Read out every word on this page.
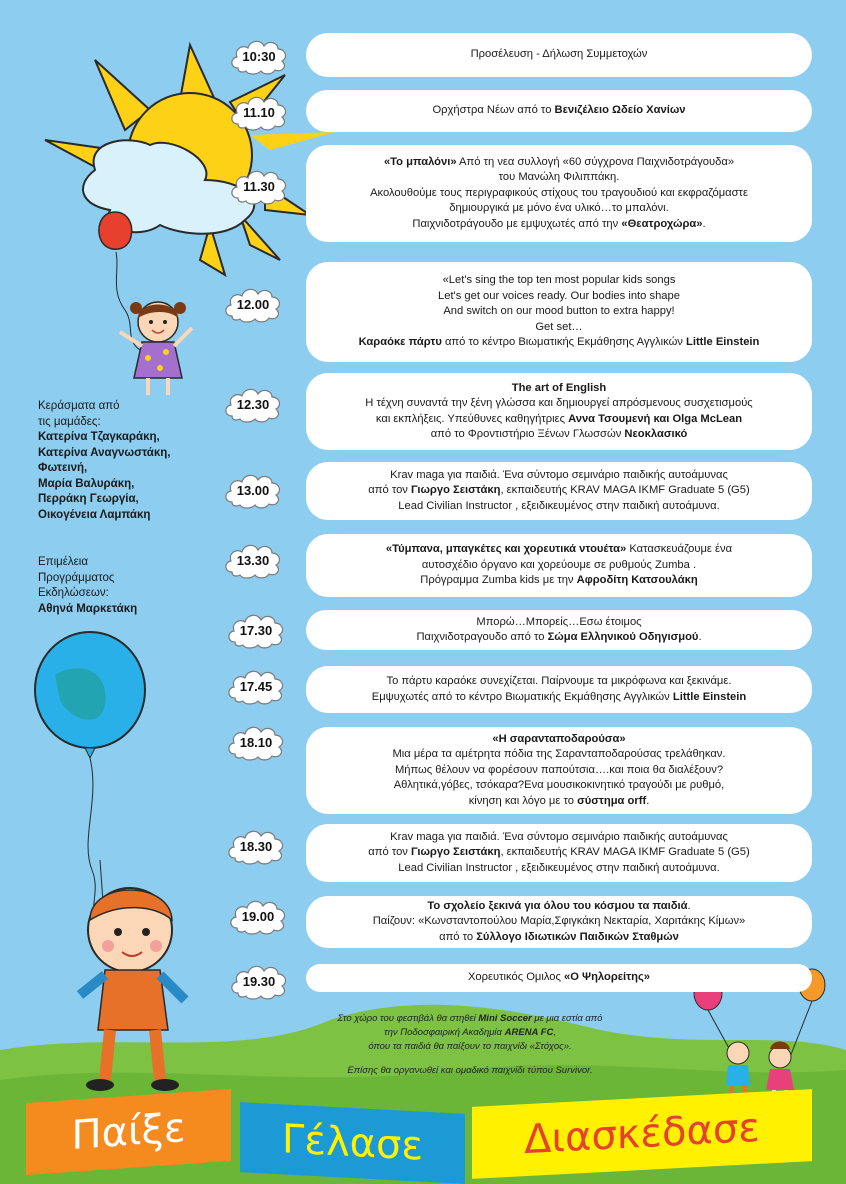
Προσέλευση - Δήλωση Συμμετοχών

10:30

Ορχήστρα Νέων από το Βενιζέλειο Ωδείο Χανίων

11.10

«Το μπαλόνι» Από τη νεα συλλογή «60 σύγχρονα Παιχνιδοτράγουδα»

του Μανώλη Φιλιππάκη.

Ακολουθούμε τους περιγραφικούς στίχους του τραγουδιού και εκφραζόμαστε

δημιουργικά με μόνο ένα υλικό…το μπαλόνι.

Παιχνιδοτράγουδο με εμψυχωτές από την «Θεατροχώρα».

11.30

«Let's sing the top ten most popular kids songs

Let's get our voices ready. Our bodies into shape

And switch on our mood button to extra happy!

Get set…

Καραόκε πάρτυ από το κέντρο Βιωματικής Εκμάθησης Αγγλικών Little Einstein

12.00

The art of English

Η τέχνη συναντά την ξένη γλώσσα και δημιουργεί απρόσμενους συσχετισμούς

και εκπλήξεις. Υπεύθυνες καθηγήτριες Αννα Τσουμενή και Olga McLean

από το Φροντιστήριο Ξένων Γλωσσών Νεοκλασικό

12.30

Krav maga για παιδιά. Ένα σύντομο σεμινάριο παιδικής αυτοάμυνας

από τον Γιωργο Σειστάκη, εκπαιδευτής KRAV MAGA IKMF Graduate 5 (G5)

Lead Civilian Instructor , εξειδικευμένος στην παιδική αυτοάμυνα.

13.00

«Τύμπανα, μπαγκέτες και χορευτικά ντουέτα» Κατασκευάζουμε ένα

αυτοσχέδιο όργανο και χορεύουμε σε ρυθμούς Zumba .

Πρόγραμμα Zumba kids με την Αφροδίτη Κατσουλάκη

13.30

Μπορώ…Μπορείς…Εσω έτοιμος

Παιχνιδοτραγουδο από το Σώμα Ελληνικού Οδηγισμού.

17.30

Το πάρτυ καραόκε συνεχίζεται. Παίρνουμε τα μικρόφωνα και ξεκινάμε.

Εμψυχωτές από το κέντρο Βιωματικής Εκμάθησης Αγγλικών Little Einstein

17.45

«Η σαρανταποδαρούσα»

Μια μέρα τα αμέτρητα πόδια της Σαρανταποδαρούσας τρελάθηκαν.

Μήπως θέλουν να φορέσουν παπούτσια….και ποια θα διαλέξουν?

Αθλητικά,γόβες, τσόκαρα?Ενα μουσικοκινητικό τραγούδι με ρυθμό,

κίνηση και λόγο με το σύστημα orff.

18.10

Krav maga για παιδιά. Ένα σύντομο σεμινάριο παιδικής αυτοάμυνας

από τον Γιωργο Σειστάκη, εκπαιδευτής KRAV MAGA IKMF Graduate 5 (G5)

Lead Civilian Instructor , εξειδικευμένος στην παιδική αυτοάμυνα.

18.30

Το σχολείο ξεκινά για όλου του κόσμου τα παιδιά.

Παίζουν: «Κωνσταντοπούλου Μαρία,Σφιγκάκη Νεκταρία, Χαριτάκης Κίμων»

από το Σύλλογο Ιδιωτικών Παιδικών Σταθμών

19.00

Χορευτικός Ομιλος «Ο Ψηλορείτης»

19.30
Κεράσματα από
τις μαμάδες:
Κατερίνα Τζαγκαράκη,
Κατερίνα Αναγνωστάκη,
Φωτεινή,
Μαρία Βαλυράκη,
Περράκη Γεωργία,
Οικογένεια Λαμπάκη
Επιμέλεια
Προγράμματος
Εκδηλώσεων:
Αθηνά Μαρκετάκη
Στο χώρο του φεστιβάλ θα στηθεί Mini Soccer με μια εστία από
την Ποδοσφαιρική Ακαδημία ARENA FC,
όπου τα παιδιά θα παίξουν το παιχνίδι «Στόχος».
Επίσης θα οργανωθεί και ομαδικό παιχνίδι τύπου Survivor.
Παίξε Γέλασε	Διασκέδασε
